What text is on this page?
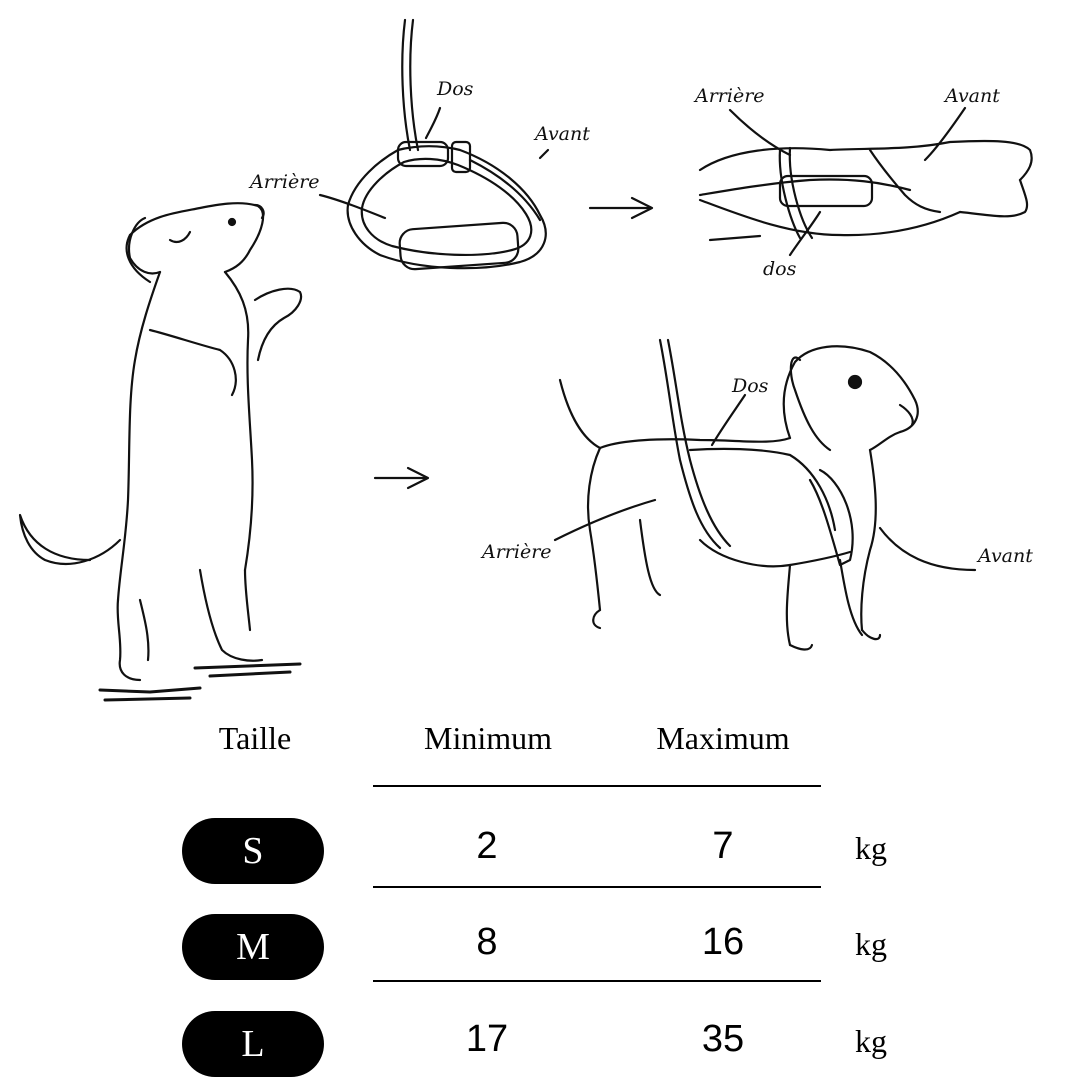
Dos
Avant
Arrière
Arrière	Avant
dos
Dos
Arrière	Avant
Taille	Minimum	Maximum
S	2	7	kg
M	8	16	kg
L	17	35	kg
